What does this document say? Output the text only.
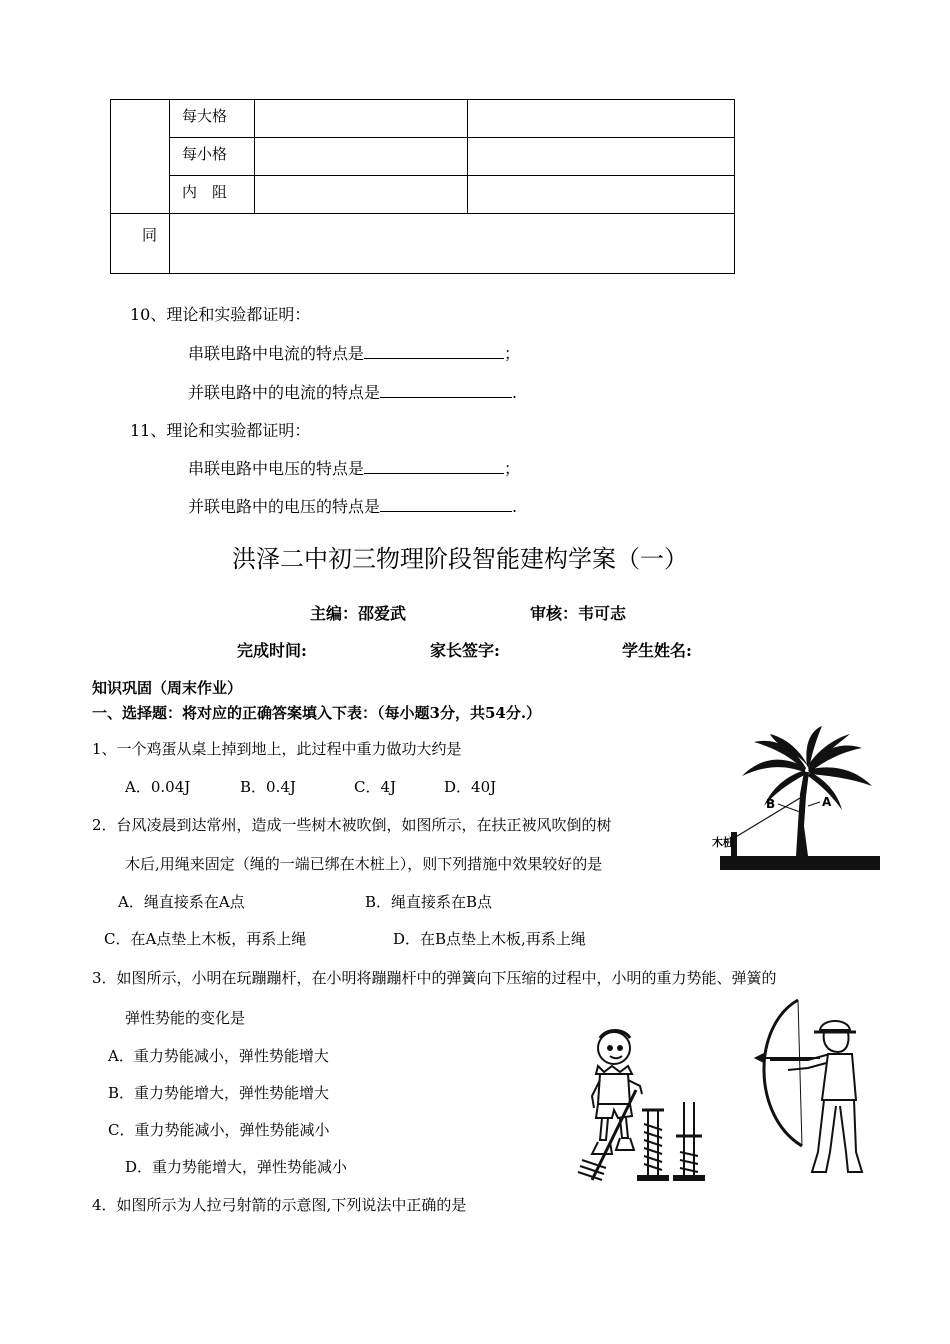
	每大格		
	每小格		
	内　阻		
同			
10、理论和实验都证明：
串联电路中电流的特点是	；
并联电路中的电流的特点是	.
11、理论和实验都证明：
串联电路中电压的特点是	；
并联电路中的电压的特点是	.
洪泽二中初三物理阶段智能建构学案（一）
主编：邵爱武	审核：韦可志
完成时间:	家长签字:	学生姓名:
知识巩固（周末作业）
一、选择题：将对应的正确答案填入下表：（每小题3分，共54分.）
1、一个鸡蛋从桌上掉到地上，此过程中重力做功大约是
A．0.04J	B．0.4J	C．4J	D．40J
2．台风凌晨到达常州，造成一些树木被吹倒，如图所示，在扶正被风吹倒的树
木后,用绳来固定（绳的一端已绑在木桩上），则下列措施中效果较好的是
A．绳直接系在A点	B．绳直接系在B点
C．在A点垫上木板，再系上绳	D．在B点垫上木板,再系上绳
B	A
木桩
3．如图所示，小明在玩蹦蹦杆，在小明将蹦蹦杆中的弹簧向下压缩的过程中，小明的重力势能、弹簧的
弹性势能的变化是
A．重力势能减小，弹性势能增大
B．重力势能增大，弹性势能增大
C．重力势能减小，弹性势能减小
D．重力势能增大，弹性势能减小
4．如图所示为人拉弓射箭的示意图,下列说法中正确的是
